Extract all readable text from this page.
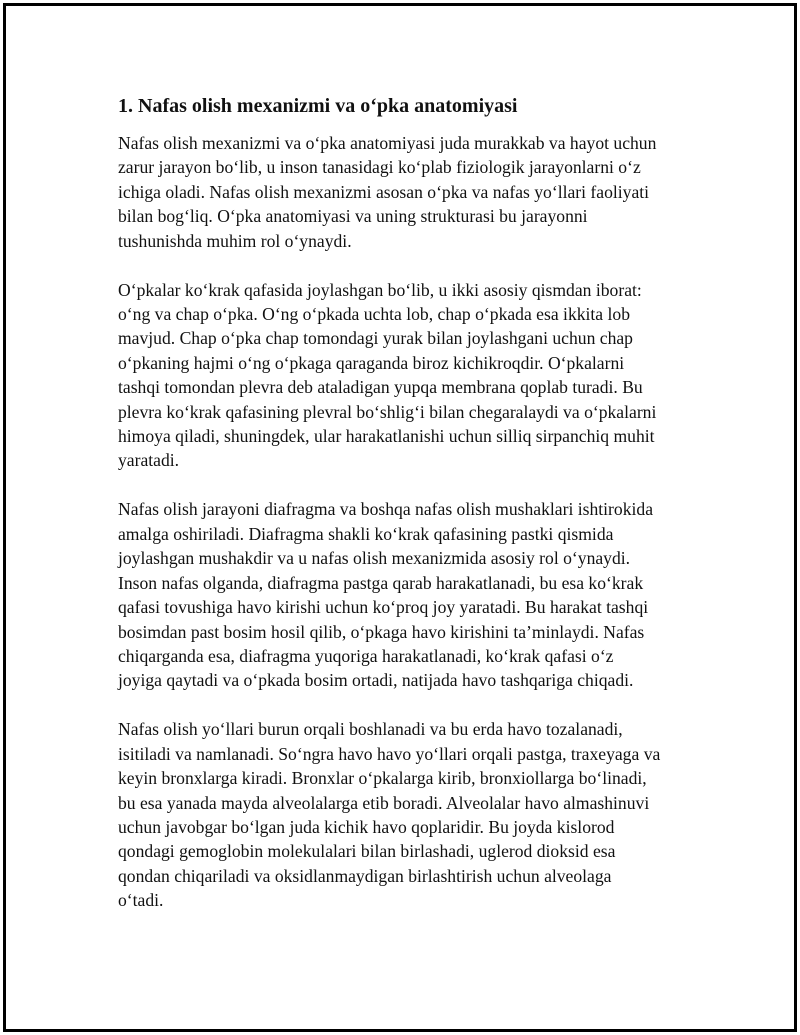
1. Nafas olish mexanizmi va o‘pka anatomiyasi

Nafas olish mexanizmi va o‘pka anatomiyasi juda murakkab va hayot uchun
zarur jarayon bo‘lib, u inson tanasidagi ko‘plab fiziologik jarayonlarni o‘z
ichiga oladi. Nafas olish mexanizmi asosan o‘pka va nafas yo‘llari faoliyati
bilan bog‘liq. O‘pka anatomiyasi va uning strukturasi bu jarayonni
tushunishda muhim rol o‘ynaydi.

O‘pkalar ko‘krak qafasida joylashgan bo‘lib, u ikki asosiy qismdan iborat:
o‘ng va chap o‘pka. O‘ng o‘pkada uchta lob, chap o‘pkada esa ikkita lob
mavjud. Chap o‘pka chap tomondagi yurak bilan joylashgani uchun chap
o‘pkaning hajmi o‘ng o‘pkaga qaraganda biroz kichikroqdir. O‘pkalarni
tashqi tomondan plevra deb ataladigan yupqa membrana qoplab turadi. Bu
plevra ko‘krak qafasining plevral bo‘shlig‘i bilan chegaralaydi va o‘pkalarni
himoya qiladi, shuningdek, ular harakatlanishi uchun silliq sirpanchiq muhit
yaratadi.

Nafas olish jarayoni diafragma va boshqa nafas olish mushaklari ishtirokida
amalga oshiriladi. Diafragma shakli ko‘krak qafasining pastki qismida
joylashgan mushakdir va u nafas olish mexanizmida asosiy rol o‘ynaydi.
Inson nafas olganda, diafragma pastga qarab harakatlanadi, bu esa ko‘krak
qafasi tovushiga havo kirishi uchun ko‘proq joy yaratadi. Bu harakat tashqi
bosimdan past bosim hosil qilib, o‘pkaga havo kirishini ta’minlaydi. Nafas
chiqarganda esa, diafragma yuqoriga harakatlanadi, ko‘krak qafasi o‘z
joyiga qaytadi va o‘pkada bosim ortadi, natijada havo tashqariga chiqadi.

Nafas olish yo‘llari burun orqali boshlanadi va bu erda havo tozalanadi,
isitiladi va namlanadi. So‘ngra havo havo yo‘llari orqali pastga, traxeyaga va
keyin bronxlarga kiradi. Bronxlar o‘pkalarga kirib, bronxiollarga bo‘linadi,
bu esa yanada mayda alveolalarga etib boradi. Alveolalar havo almashinuvi
uchun javobgar bo‘lgan juda kichik havo qoplaridir. Bu joyda kislorod
qondagi gemoglobin molekulalari bilan birlashadi, uglerod dioksid esa
qondan chiqariladi va oksidlanmaydigan birlashtirish uchun alveolaga
o‘tadi.
